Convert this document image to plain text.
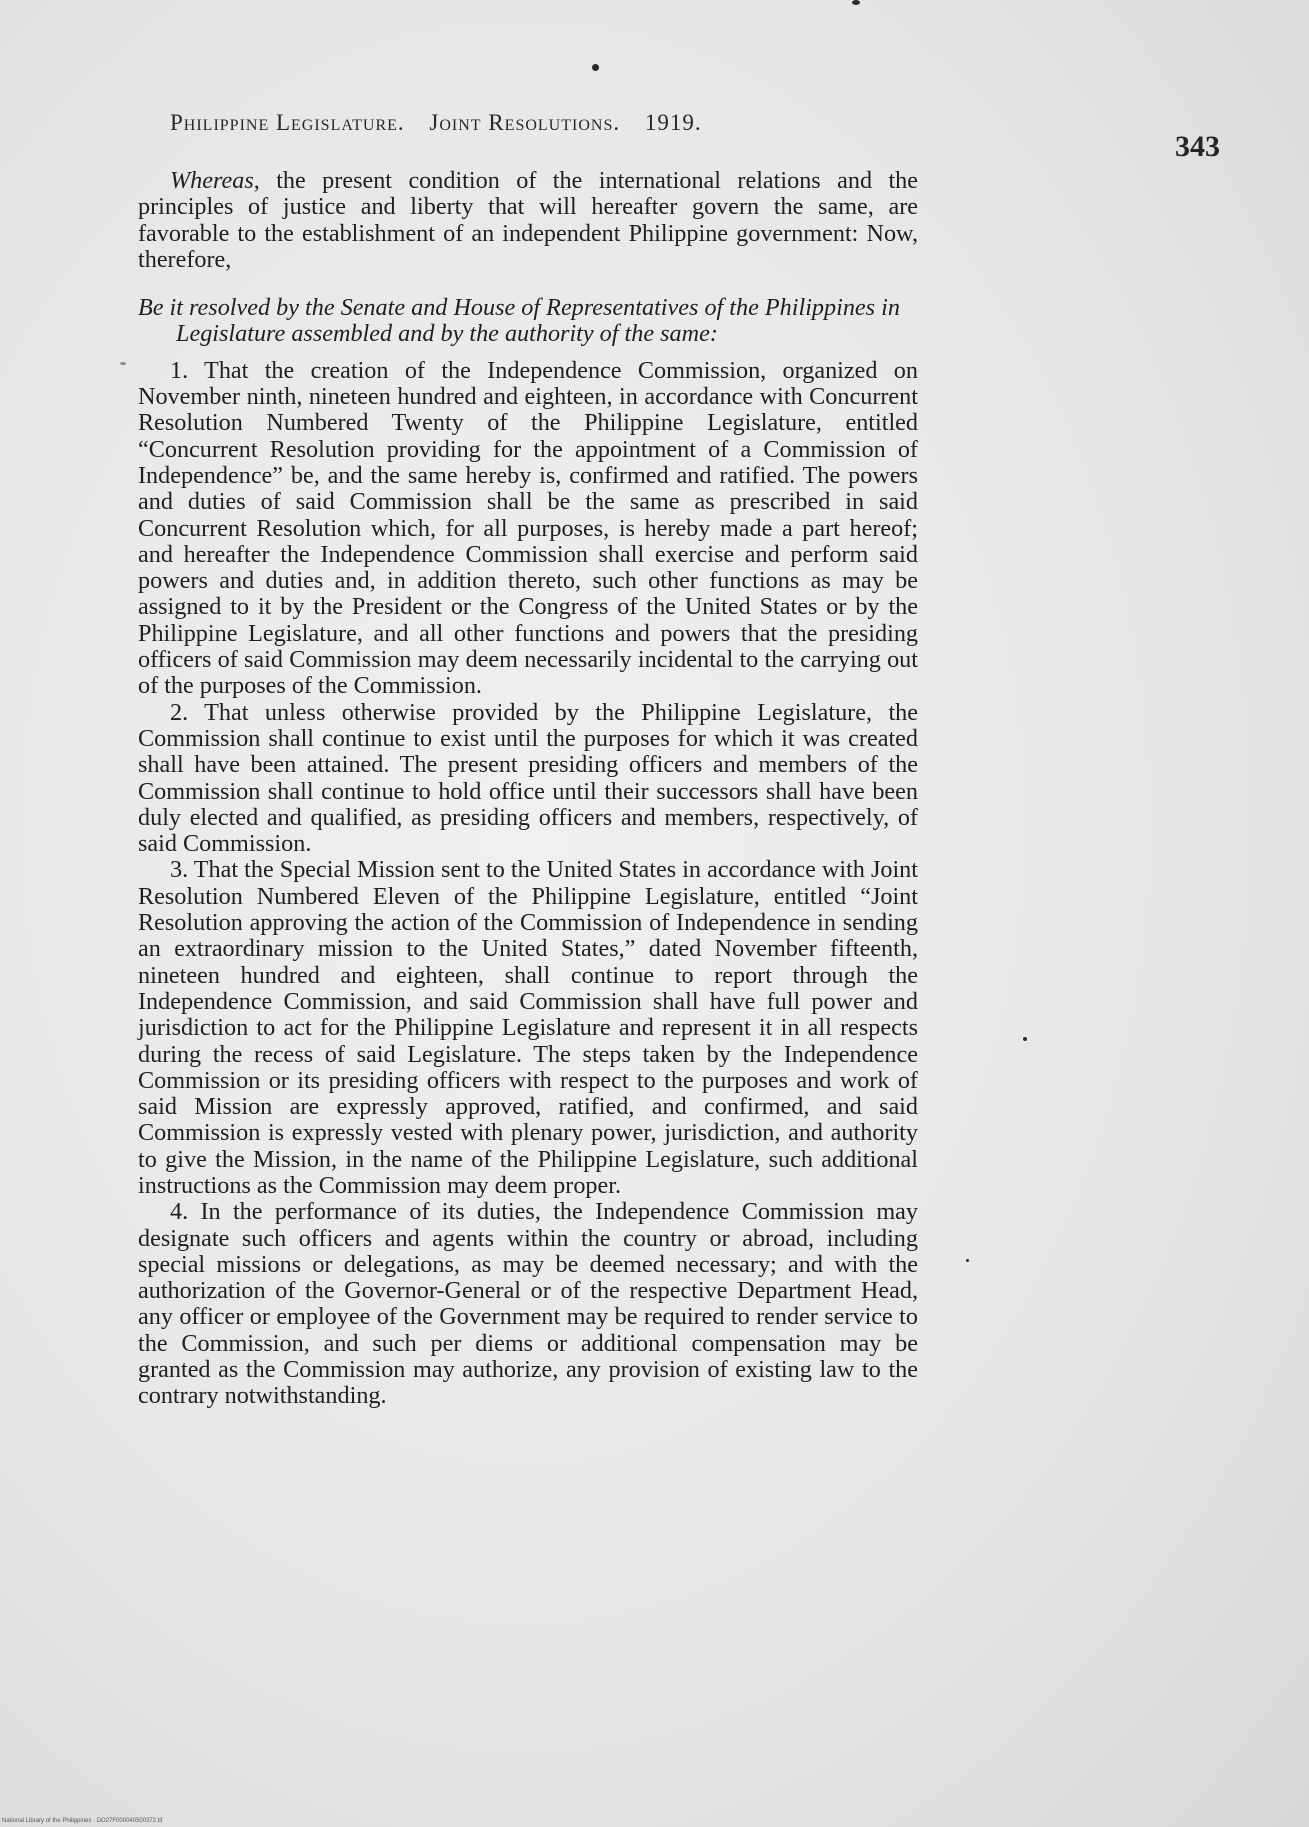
Philippine Legislature. Joint Resolutions. 1919.
343

Whereas, the present condition of the international relations and the principles of justice and liberty that will hereafter govern the same, are favorable to the establishment of an independent Philippine government: Now, therefore,

Be it resolved by the Senate and House of Representatives of the Philippines in Legislature assembled and by the authority of the same:

1. That the creation of the Independence Commission, organized on November ninth, nineteen hundred and eighteen, in accordance with Concurrent Resolution Numbered Twenty of the Philippine Legislature, entitled “Concurrent Resolution providing for the appointment of a Commission of Independence” be, and the same hereby is, confirmed and ratified. The powers and duties of said Commission shall be the same as prescribed in said Concurrent Resolution which, for all purposes, is hereby made a part hereof; and hereafter the Independence Commission shall exercise and perform said powers and duties and, in addition thereto, such other functions as may be assigned to it by the President or the Congress of the United States or by the Philippine Legislature, and all other functions and powers that the presiding officers of said Commission may deem necessarily incidental to the carrying out of the purposes of the Commission.

2. That unless otherwise provided by the Philippine Legislature, the Commission shall continue to exist until the purposes for which it was created shall have been attained. The present presiding officers and members of the Commission shall continue to hold office until their successors shall have been duly elected and qualified, as presiding officers and members, respectively, of said Commission.

3. That the Special Mission sent to the United States in accordance with Joint Resolution Numbered Eleven of the Philippine Legislature, entitled “Joint Resolution approving the action of the Commission of Independence in sending an extraordinary mission to the United States,” dated November fifteenth, nineteen hundred and eighteen, shall continue to report through the Independence Commission, and said Commission shall have full power and jurisdiction to act for the Philippine Legislature and represent it in all respects during the recess of said Legislature. The steps taken by the Independence Commission or its presiding officers with respect to the purposes and work of said Mission are expressly approved, ratified, and confirmed, and said Commission is expressly vested with plenary power, jurisdiction, and authority to give the Mission, in the name of the Philippine Legislature, such additional instructions as the Commission may deem proper.

4. In the performance of its duties, the Independence Commission may designate such officers and agents within the country or abroad, including special missions or delegations, as may be deemed necessary; and with the authorization of the Governor-General or of the respective Department Head, any officer or employee of the Government may be required to render service to the Commission, and such per diems or additional compensation may be granted as the Commission may authorize, any provision of existing law to the contrary notwithstanding.

National Library of the Philippines · DO27F000040500372.tif
